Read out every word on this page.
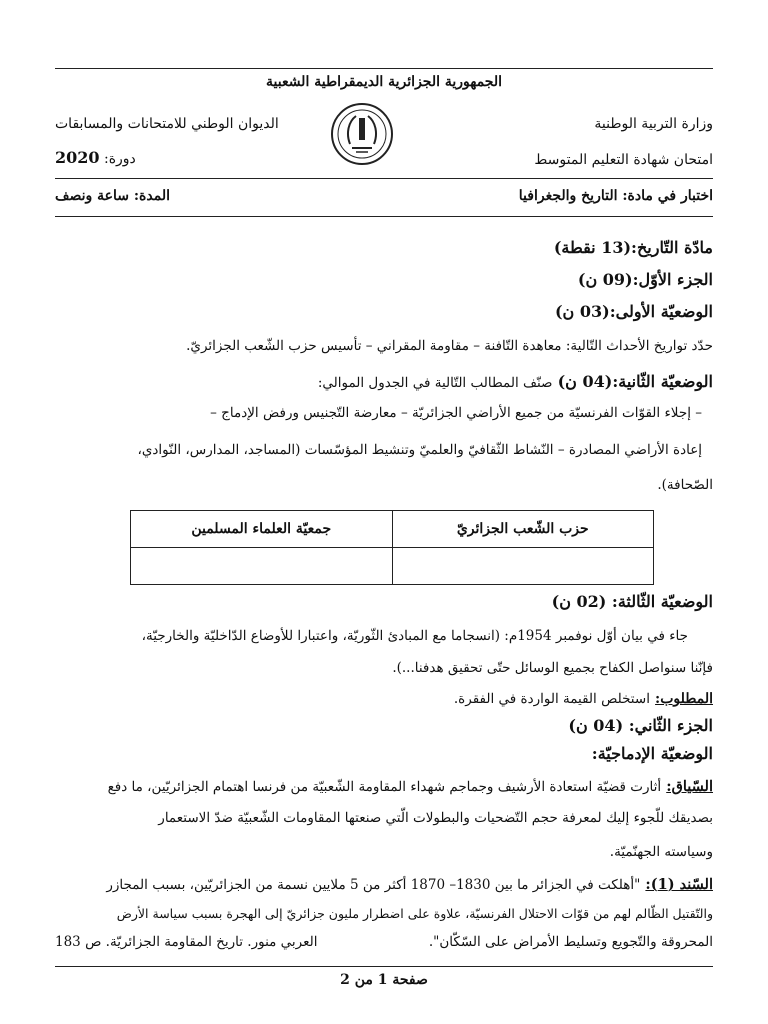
الجمهورية الجزائرية الديمقراطية الشعبية
وزارة التربية الوطنية
الديوان الوطني للامتحانات والمسابقات
امتحان شهادة التعليم المتوسط
دورة: 2020
اختبار في مادة: التاريخ والجغرافيا
المدة: ساعة ونصف
مادّة التّاريخ:(13 نقطة)
الجزء الأوّل:(09 ن)
الوضعيّة الأولى:(03 ن)
حدّد تواريخ الأحداث التّالية: معاهدة التّافنة – مقاومة المقراني – تأسيس حزب الشّعب الجزائريّ.
الوضعيّة الثّانية:(04 ن) صنّف المطالب التّالية في الجدول الموالي:
– إجلاء القوّات الفرنسيّة من جميع الأراضي الجزائريّة – معارضة التّجنيس ورفض الإدماج –
إعادة الأراضي المصادرة – النّشاط الثّقافيّ والعلميّ وتنشيط المؤسّسات (المساجد، المدارس، النّوادي،
الصّحافة).
حزب الشّعب الجزائريّ	جمعيّة العلماء المسلمين

الوضعيّة الثّالثة: (02 ن)
جاء في بيان أوّل نوفمبر 1954م: (انسجاما مع المبادئ الثّوريّة، واعتبارا للأوضاع الدّاخليّة والخارجيّة،
فإنّنا سنواصل الكفاح بجميع الوسائل حتّى تحقيق هدفنا...).
المطلوب: استخلص القيمة الواردة في الفقرة.
الجزء الثّاني: (04 ن)
الوضعيّة الإدماجيّة:
السّياق: أثارت قضيّة استعادة الأرشيف وجماجم شهداء المقاومة الشّعبيّة من فرنسا اهتمام الجزائريّين، ما دفع
بصديقك للّجوء إليك لمعرفة حجم التّضحيات والبطولات الّتي صنعتها المقاومات الشّعبيّة ضدّ الاستعمار
وسياسته الجهنّميّة.
السّند (1): "أهلكت في الجزائر ما بين 1830– 1870 أكثر من 5 ملايين نسمة من الجزائريّين، بسبب المجازر
والتّقتيل الظّالم لهم من قوّات الاحتلال الفرنسيّة، علاوة على اضطرار مليون جزائريّ إلى الهجرة بسبب سياسة الأرض
المحروقة والتّجويع وتسليط الأمراض على السّكّان".
العربي منور. تاريخ المقاومة الجزائريّة. ص 183
صفحة 1 من 2
